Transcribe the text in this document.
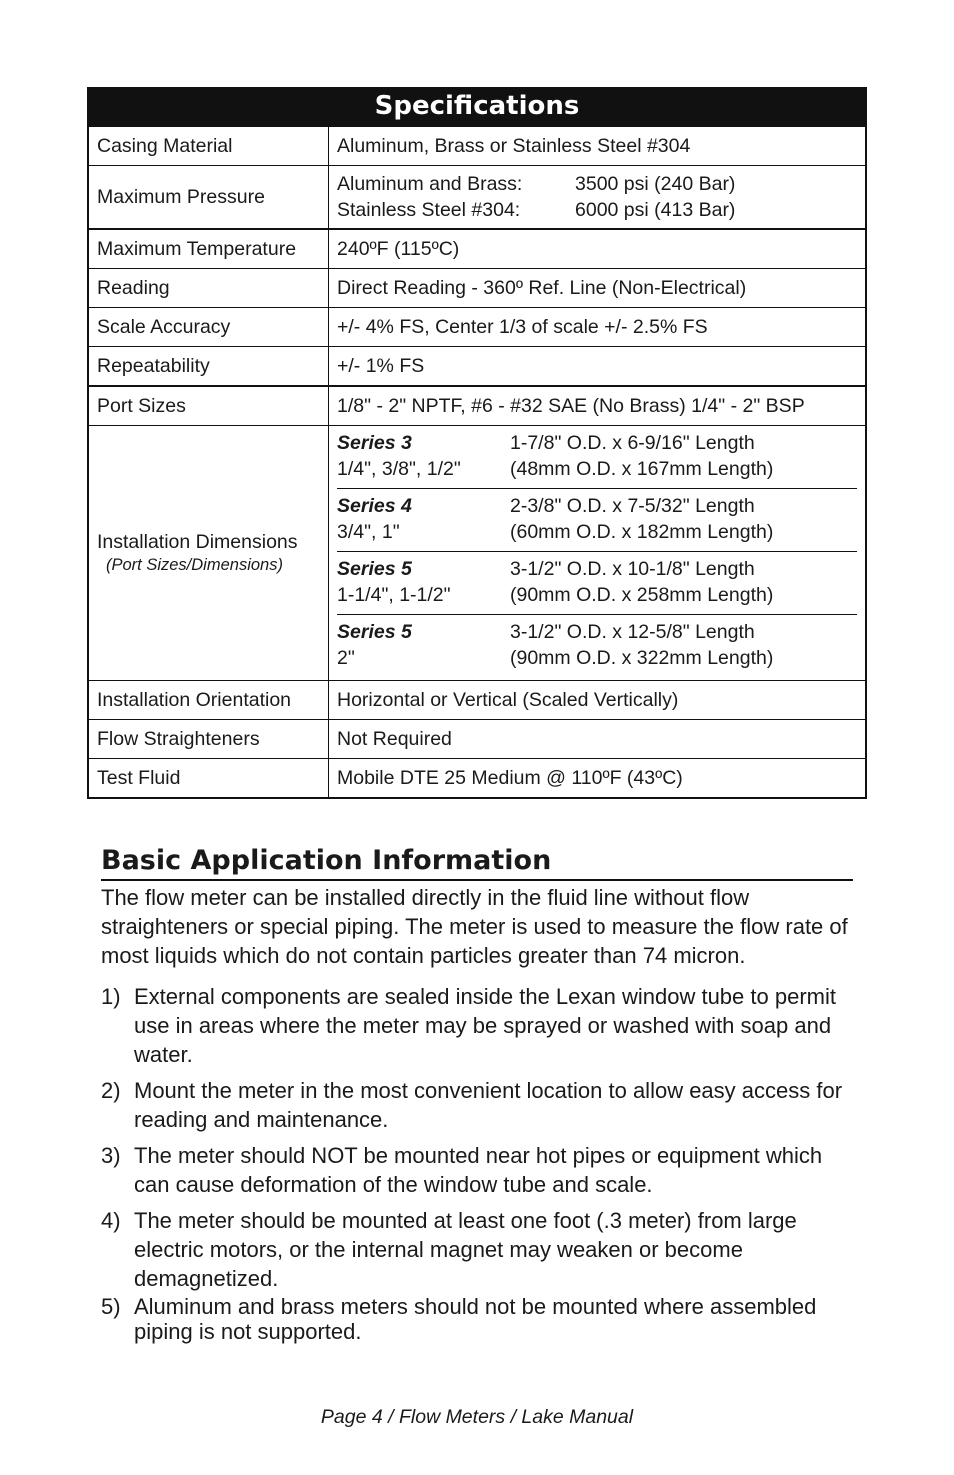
Specifications
Casing Material	Aluminum, Brass or Stainless Steel #304
Maximum Pressure
Aluminum and Brass:	3500 psi (240 Bar)
Stainless Steel #304:	6000 psi (413 Bar)
Maximum Temperature	240ºF (115ºC)
Reading	Direct Reading - 360º Ref. Line (Non-Electrical)
Scale Accuracy	+/- 4% FS, Center 1/3 of scale +/- 2.5% FS
Repeatability	+/- 1% FS
Port Sizes	1/8" - 2" NPTF, #6 - #32 SAE (No Brass) 1/4" - 2" BSP
Installation Dimensions
(Port Sizes/Dimensions)
Series 3	1-7/8" O.D. x 6-9/16" Length
1/4", 3/8", 1/2"	(48mm O.D. x 167mm Length)
Series 4	2-3/8" O.D. x 7-5/32" Length
3/4", 1"	(60mm O.D. x 182mm Length)
Series 5	3-1/2" O.D. x 10-1/8" Length
1-1/4", 1-1/2"	(90mm O.D. x 258mm Length)
Series 5	3-1/2" O.D. x 12-5/8" Length
2"	(90mm O.D. x 322mm Length)
Installation Orientation	Horizontal or Vertical (Scaled Vertically)
Flow Straighteners	Not Required
Test Fluid	Mobile DTE 25 Medium @ 110ºF (43ºC)
Basic Application Information

The flow meter can be installed directly in the fluid line without flow straighteners or special piping. The meter is used to measure the flow rate of most liquids which do not contain particles greater than 74 micron.

1) External components are sealed inside the Lexan window tube to permit use in areas where the meter may be sprayed or washed with soap and water.
2) Mount the meter in the most convenient location to allow easy access for reading and maintenance.
3) The meter should NOT be mounted near hot pipes or equipment which can cause deformation of the window tube and scale.
4) The meter should be mounted at least one foot (.3 meter) from large electric motors, or the internal magnet may weaken or become demagnetized.
5) Aluminum and brass meters should not be mounted where assembled piping is not supported.
Page 4 / Flow Meters / Lake Manual
